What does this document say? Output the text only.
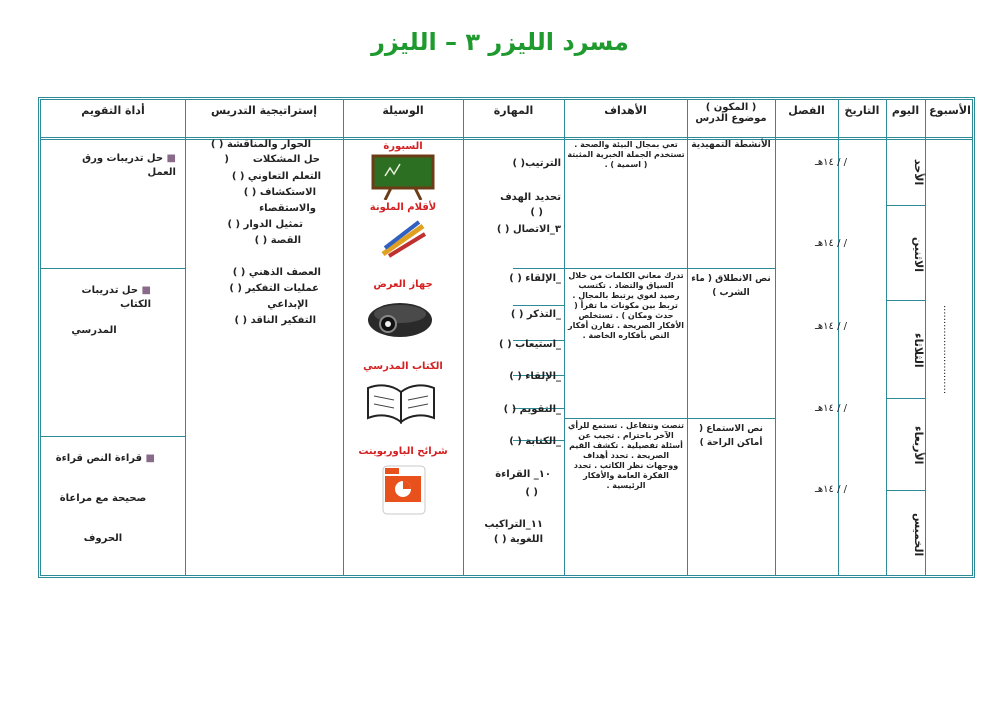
مسرد الليزر ٣ – الليزر
الأسبوع
اليوم
التاريخ
الفصل
( المكون ) موضوع الدرس
الأهداف
المهارة
الوسيلة
إستراتيجية التدريس
أداة التقويم
............................
الأحد
الاثنين
الثلاثاء
الأربعاء
الخميس
/ / ١٤هـ
/ / ١٤هـ
/ / ١٤هـ
/ / ١٤هـ
/ / ١٤هـ
الأنشطة التمهيدية
نص الانطلاق ( ماء الشرب )
نص الاستماع ( أماكن الراحة )
تعي بمجال البيئة والصحة . تستخدم الجملة الخبرية المثبتة ( اسمية ) .
تدرك معاني الكلمات من خلال السياق والتضاد . تكتسب رصيد لغوي يرتبط بالمجال . تربط بين مكونات ما تقرأ ( حدث ومكان ) . تستخلص الأفكار الصريحة . تقارن أفكار النص بأفكاره الخاصة .
تنصت وتتفاعل . تستمع للرأي الآخر باحترام . تجيب عن أسئلة تفصيلية . تكشف القيم الصريحة . تحدد أهداف ووجهات نظر الكاتب . تحدد الفكرة العامة والأفكار الرئيسية .
الترتيب( )
تحديد الهدف
( )
٣_الاتصال ( )
_الإلقاء ( )
_التذكر ( )
_استيعاب ( )
_الإلقاء ( )
_التقويم ( )
_الكتابة ( )
١٠_ القراءة
( )
١١_التراكيب
اللغوية ( )
السبورة
لأقلام الملونة
جهاز العرض
الكتاب المدرسي
شرائح الباوربوينت
الحوار والمناقشة ( )
(	حل المشكلات
التعلم التعاوني ( )
الاستكشاف ( )
والاستقصاء
تمثيل الدوار ( )
القصة ( )
العصف الذهني ( )
عمليات التفكير ( )
الإبداعي
التفكير الناقد ( )
■ حل تدريبات ورق العمل
■ حل تدريبات الكتاب
المدرسي
■ قراءة النص قراءة
صحيحة مع مراعاة
الحروف
